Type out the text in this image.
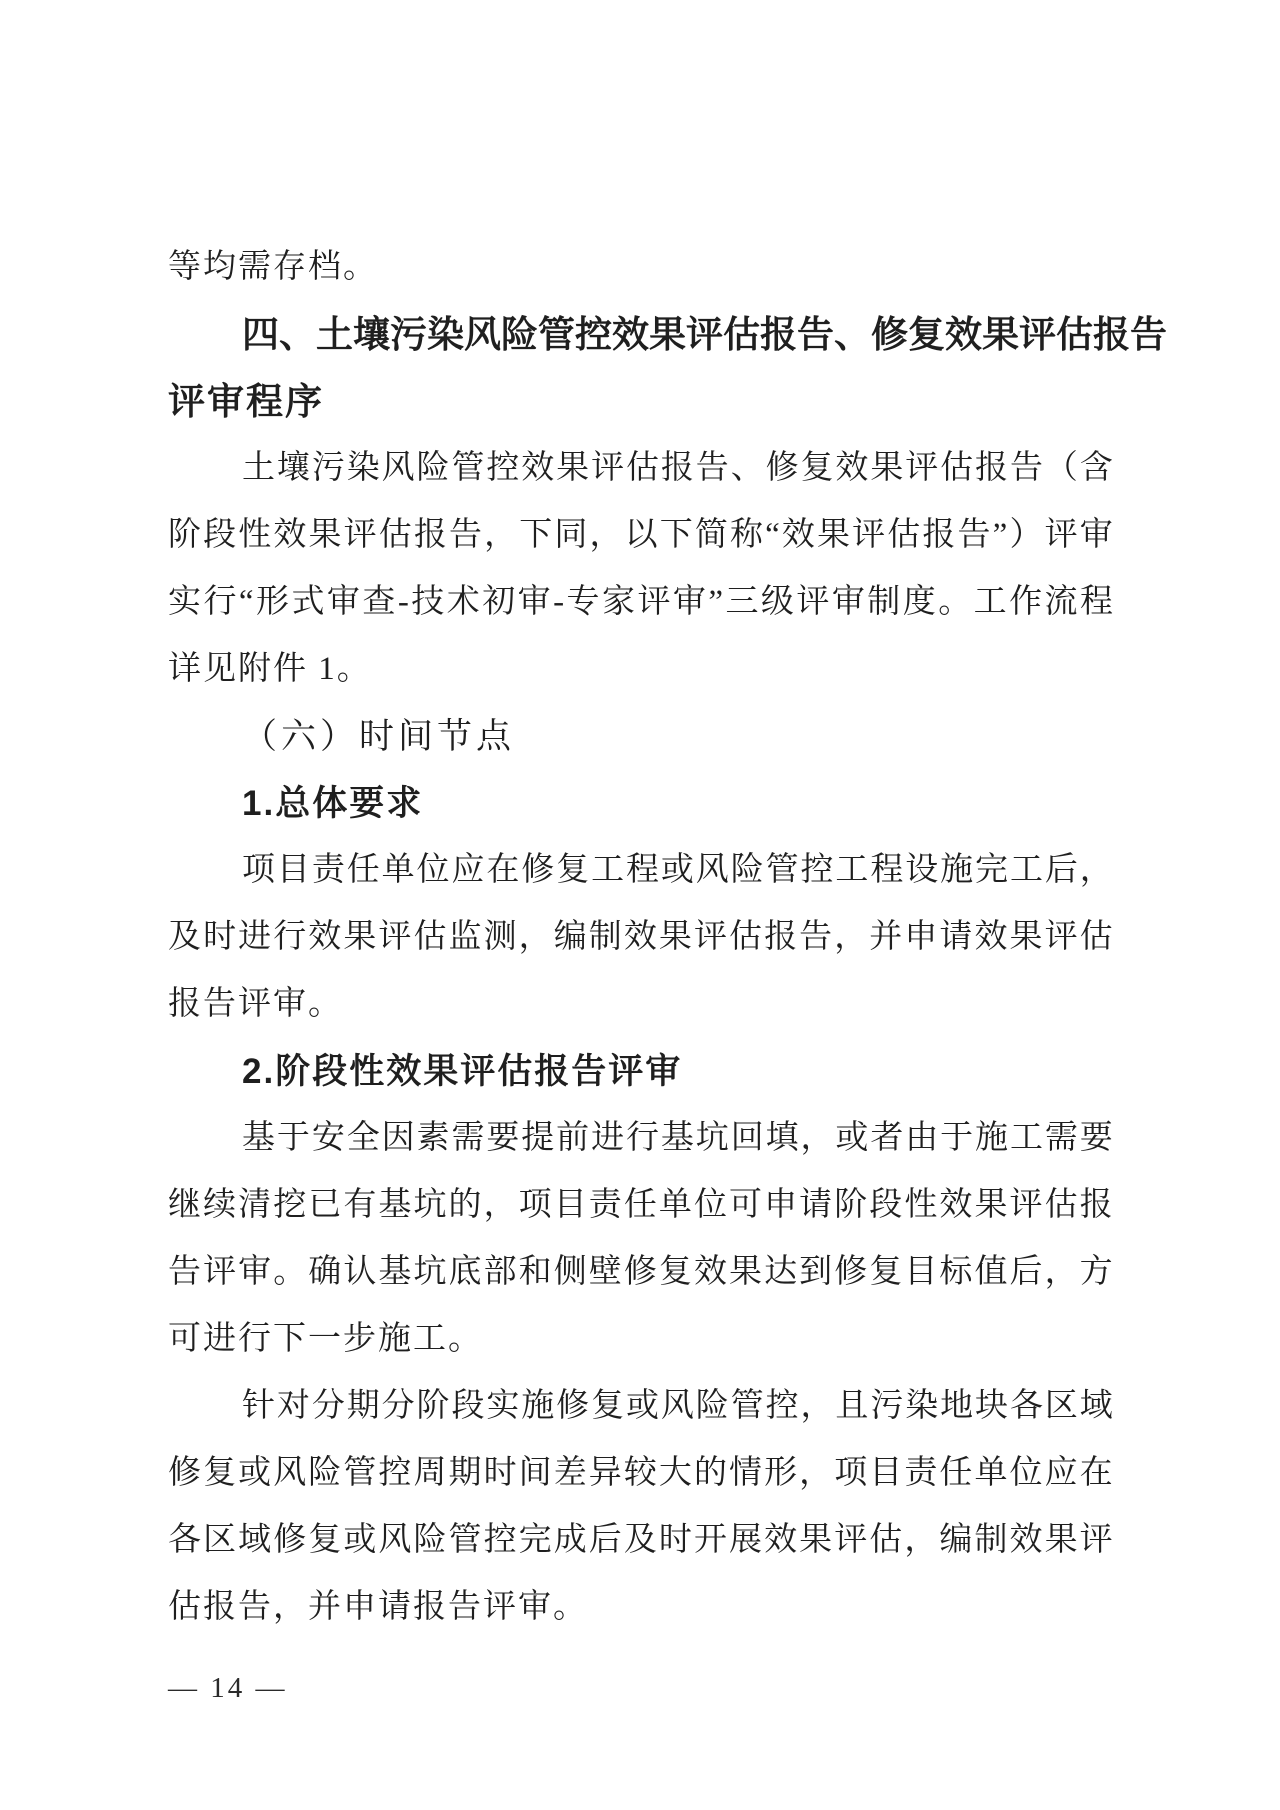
等均需存档。
四 、 土 壤 污 染 风 险 管 控 效 果 评 估 报 告 、 修 复 效 果 评 估 报 告
评审程序
土 壤 污 染 风 险 管 控 效 果 评 估 报 告 、 修 复 效 果 评 估 报 告 （ 含
阶 段 性 效 果 评 估 报 告 ， 下 同 ， 以 下 简 称 “ 效 果 评 估 报 告 ” ） 评 审
实 行 “ 形 式 审 查 - 技 术 初 审 - 专 家 评 审 ” 三 级 评 审 制 度 。 工 作 流 程
详见附件 1。
（六）时间节点
1.总体要求
项 目 责 任 单 位 应 在 修 复 工 程 或 风 险 管 控 工 程 设 施 完 工 后 ，
及 时 进 行 效 果 评 估 监 测 ， 编 制 效 果 评 估 报 告 ， 并 申 请 效 果 评 估
报告评审。
2.阶段性效果评估报告评审
基 于 安 全 因 素 需 要 提 前 进 行 基 坑 回 填 ， 或 者 由 于 施 工 需 要
继 续 清 挖 已 有 基 坑 的 ， 项 目 责 任 单 位 可 申 请 阶 段 性 效 果 评 估 报
告 评 审 。 确 认 基 坑 底 部 和 侧 壁 修 复 效 果 达 到 修 复 目 标 值 后 ， 方
可进行下一步施工。
针 对 分 期 分 阶 段 实 施 修 复 或 风 险 管 控 ， 且 污 染 地 块 各 区 域
修 复 或 风 险 管 控 周 期 时 间 差 异 较 大 的 情 形 ， 项 目 责 任 单 位 应 在
各 区 域 修 复 或 风 险 管 控 完 成 后 及 时 开 展 效 果 评 估 ， 编 制 效 果 评
估报告，并申请报告评审。
— 14 —
